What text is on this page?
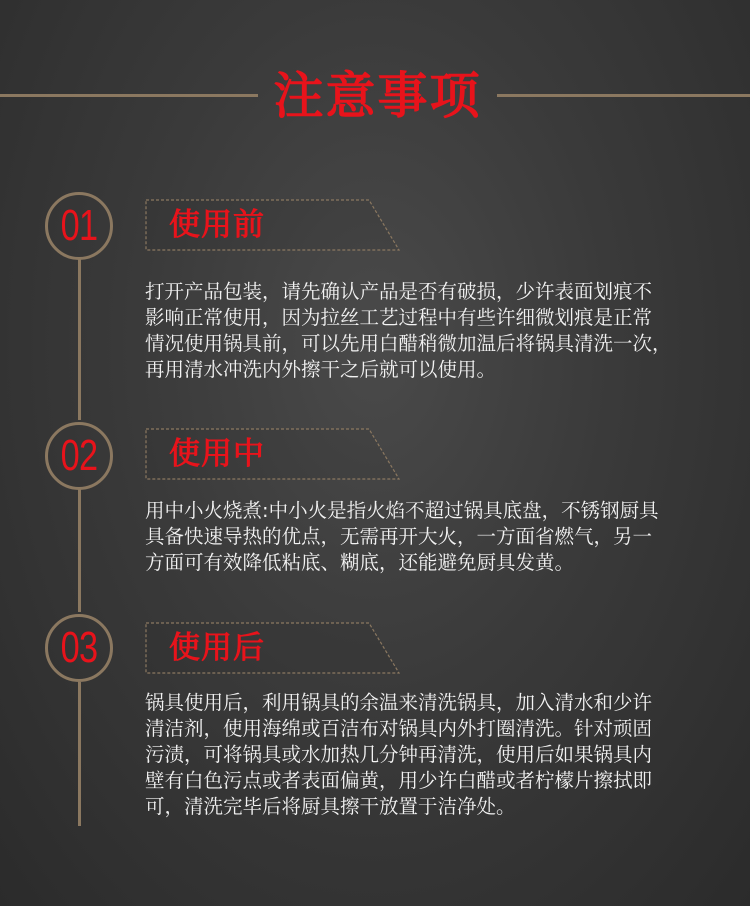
注意事项
01 使用前
打开产品包装，请先确认产品是否有破损，少许表面划痕不
影响正常使用，因为拉丝工艺过程中有些许细微划痕是正常
情况使用锅具前，可以先用白醋稍微加温后将锅具清洗一次，
再用清水冲洗内外擦干之后就可以使用。
02 使用中
用中小火烧煮:中小火是指火焰不超过锅具底盘，不锈钢厨具
具备快速导热的优点，无需再开大火，一方面省燃气，另一
方面可有效降低粘底、糊底，还能避免厨具发黄。
03 使用后
锅具使用后，利用锅具的余温来清洗锅具，加入清水和少许
清洁剂，使用海绵或百洁布对锅具内外打圈清洗。针对顽固
污渍，可将锅具或水加热几分钟再清洗，使用后如果锅具内
壁有白色污点或者表面偏黄，用少许白醋或者柠檬片擦拭即
可，清洗完毕后将厨具擦干放置于洁净处。
